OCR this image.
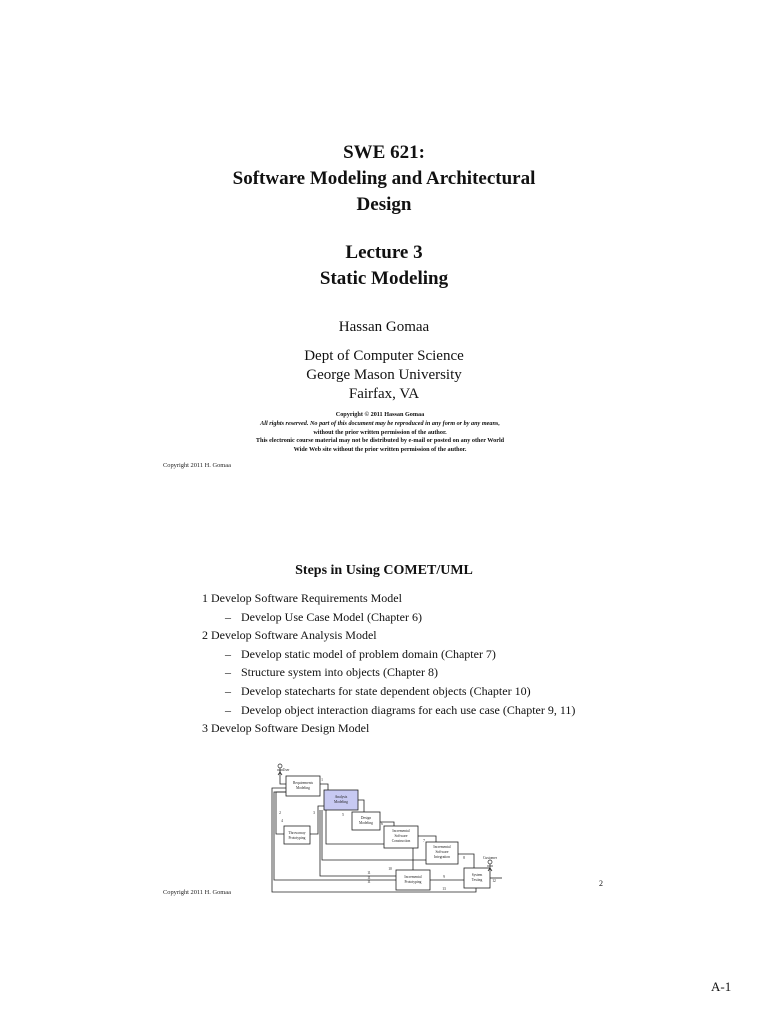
SWE 621:
Software Modeling and Architectural
Design
Lecture 3
Static Modeling
Hassan Gomaa
Dept of Computer Science
George Mason University
Fairfax, VA
Copyright © 2011 Hassan Gomaa
All rights reserved. No part of this document may be reproduced in any form or by any means,
without the prior written permission of the author.
This electronic course material may not be distributed by e-mail or posted on any other World
Wide Web site without the prior written permission of the author.
Copyright 2011 H. Gomaa
Steps in Using COMET/UML
1 Develop Software Requirements Model
– Develop Use Case Model (Chapter 6)
2 Develop Software Analysis Model
– Develop static model of problem domain (Chapter 7)
– Structure system into objects (Chapter 8)
– Develop statecharts for state dependent objects (Chapter 10)
– Develop object interaction diagrams for each use case (Chapter 9, 11)
3 Develop Software Design Model
User
Customer
Requirements
Modeling
Analysis
Modeling
Throwaway
Prototyping
Design
Modeling
Incremental
Software
Construction
Incremental
Software
Integration
Incremental
Prototyping
System
Testing
1
2	3
4
5
6
7
8
9
10
11
11
11	12
13
Copyright 2011 H. Gomaa
2
A-1
